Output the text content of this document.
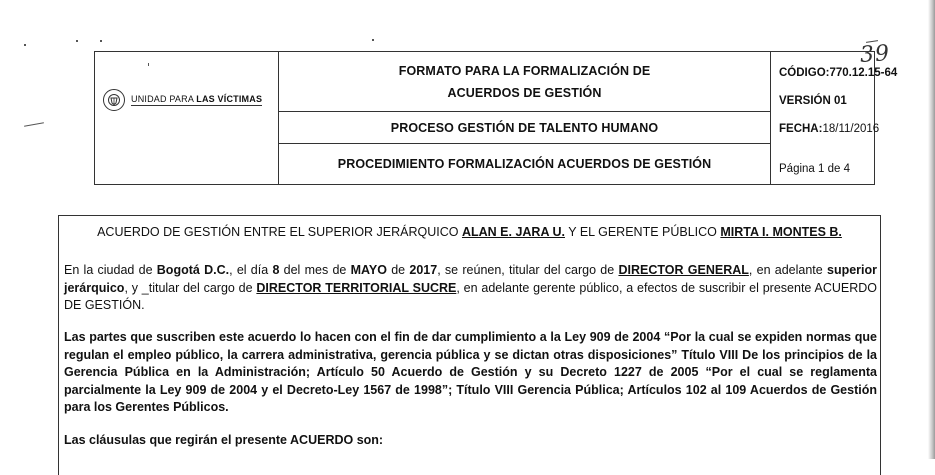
39
UNIDAD PARA LAS VÍCTIMAS
FORMATO PARA LA FORMALIZACIÓN DE
ACUERDOS DE GESTIÓN
PROCESO GESTIÓN DE TALENTO HUMANO
PROCEDIMIENTO FORMALIZACIÓN ACUERDOS DE GESTIÓN
CÓDIGO:770.12.15-64
VERSIÓN 01
FECHA:18/11/2016
Página 1 de 4
ACUERDO DE GESTIÓN ENTRE EL SUPERIOR JERÁRQUICO ALAN E. JARA U. Y EL GERENTE PÚBLICO MIRTA I. MONTES B.
En la ciudad de Bogotá D.C., el día 8 del mes de MAYO de 2017, se reúnen, titular del cargo de DIRECTOR GENERAL, en adelante superior jerárquico, y _titular del cargo de DIRECTOR TERRITORIAL SUCRE, en adelante gerente público, a efectos de suscribir el presente ACUERDO DE GESTIÓN.
Las partes que suscriben este acuerdo lo hacen con el fin de dar cumplimiento a la Ley 909 de 2004 “Por la cual se expiden normas que regulan el empleo público, la carrera administrativa, gerencia pública y se dictan otras disposiciones” Título VIII De los principios de la Gerencia Pública en la Administración; Artículo 50 Acuerdo de Gestión y su Decreto 1227 de 2005 “Por el cual se reglamenta parcialmente la Ley 909 de 2004 y el Decreto-Ley 1567 de 1998”; Título VIII Gerencia Pública; Artículos 102 al 109 Acuerdos de Gestión para los Gerentes Públicos.
Las cláusulas que regirán el presente ACUERDO son:
